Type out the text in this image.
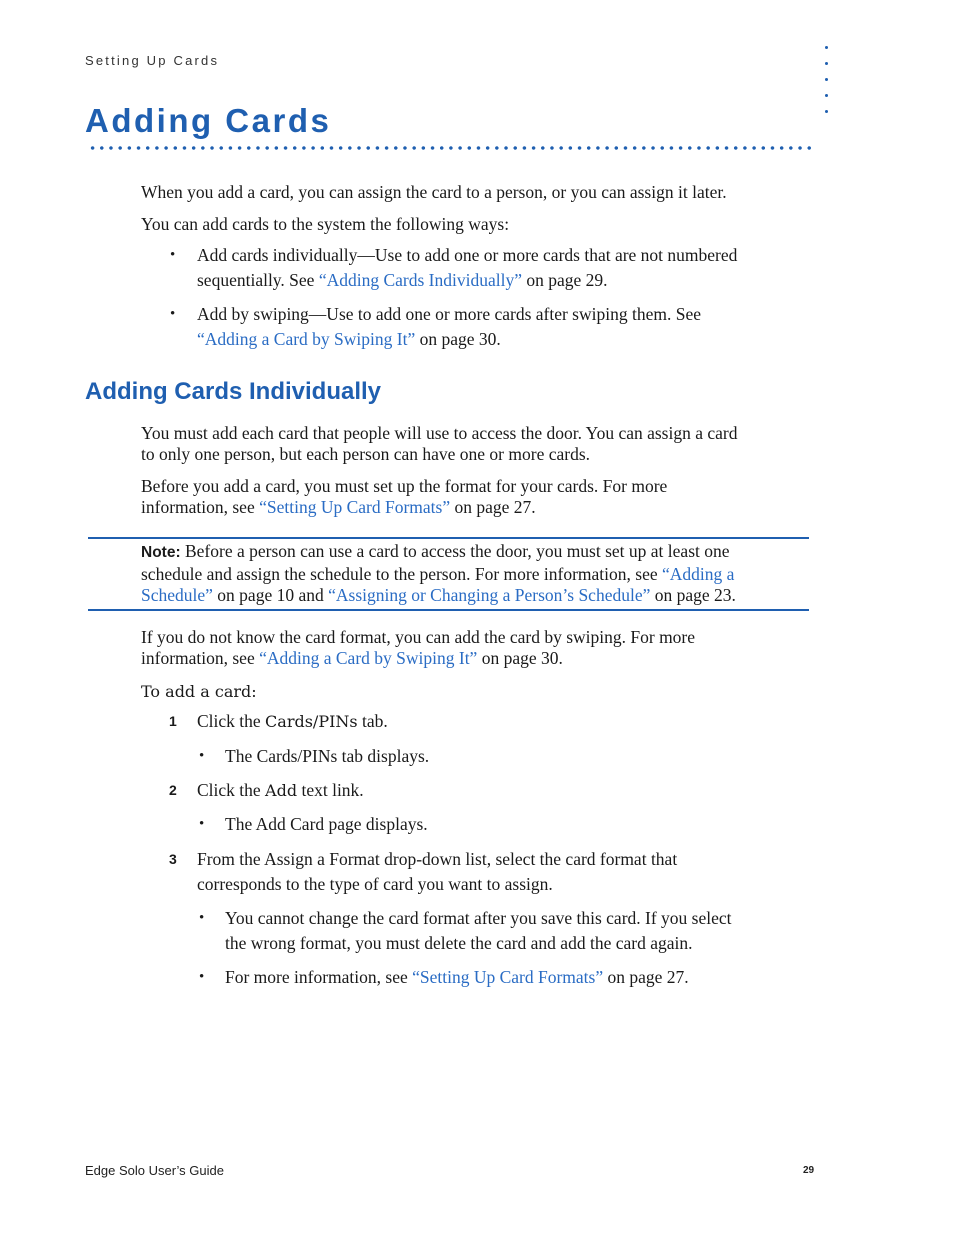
Setting Up Cards
Adding Cards

When you add a card, you can assign the card to a person, or you can assign it later.

You can add cards to the system the following ways:

• Add cards individually—Use to add one or more cards that are not numbered
sequentially. See “Adding Cards Individually” on page 29.

• Add by swiping—Use to add one or more cards after swiping them. See
“Adding a Card by Swiping It” on page 30.

Adding Cards Individually

You must add each card that people will use to access the door. You can assign a card
to only one person, but each person can have one or more cards.

Before you add a card, you must set up the format for your cards. For more
information, see “Setting Up Card Formats” on page 27.

Note: Before a person can use a card to access the door, you must set up at least one
schedule and assign the schedule to the person. For more information, see “Adding a
Schedule” on page 10 and “Assigning or Changing a Person’s Schedule” on page 23.

If you do not know the card format, you can add the card by swiping. For more
information, see “Adding a Card by Swiping It” on page 30.

To add a card:

1 Click the Cards/PINs tab.

• The Cards/PINs tab displays.

2 Click the Add text link.

• The Add Card page displays.

3 From the Assign a Format drop-down list, select the card format that
corresponds to the type of card you want to assign.

• You cannot change the card format after you save this card. If you select
the wrong format, you must delete the card and add the card again.

• For more information, see “Setting Up Card Formats” on page 27.

Edge Solo User’s Guide	29
